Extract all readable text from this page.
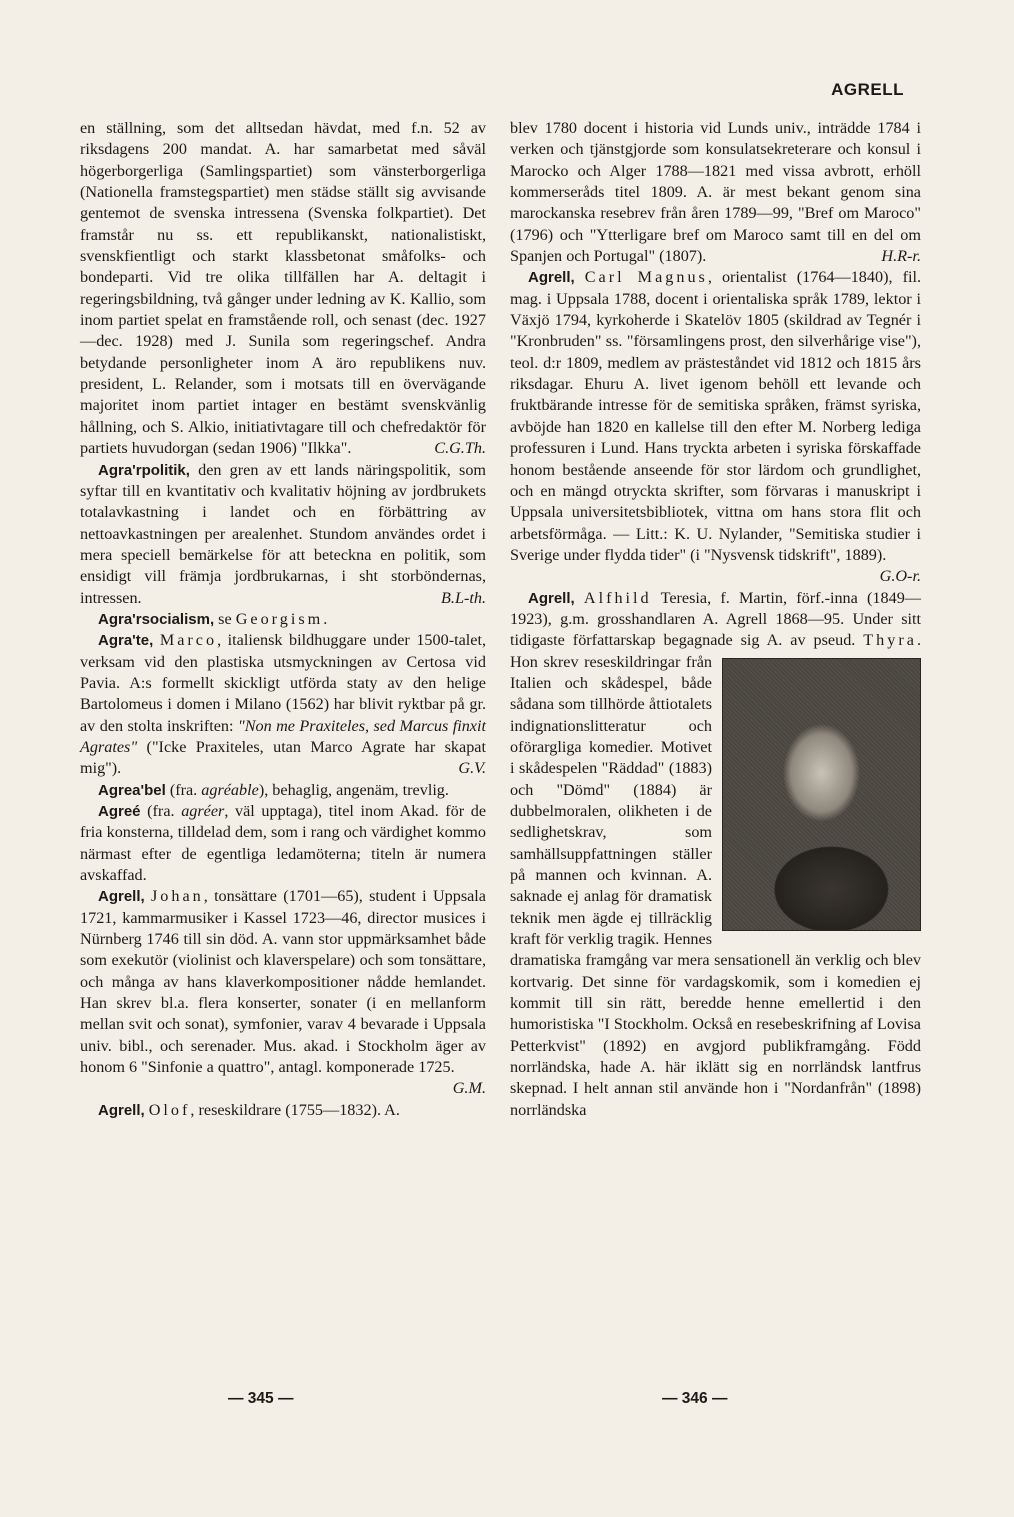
AGRELL

en ställning, som det alltsedan hävdat, med f.n. 52 av riksdagens 200 mandat. A. har samarbetat med såväl högerborgerliga (Samlingspartiet) som vänsterborgerliga (Nationella framstegspartiet) men städse ställt sig avvisande gentemot de svenska intressena (Svenska folkpartiet). Det framstår nu ss. ett republikanskt, nationalistiskt, svenskfientligt och starkt klassbetonat småfolks- och bondeparti. Vid tre olika tillfällen har A. deltagit i regeringsbildning, två gånger under ledning av K. Kallio, som inom partiet spelat en framstående roll, och senast (dec. 1927—dec. 1928) med J. Sunila som regeringschef. Andra betydande personligheter inom A äro republikens nuv. president, L. Relander, som i motsats till en övervägande majoritet inom partiet intager en bestämt svenskvänlig hållning, och S. Alkio, initiativtagare till och chefredaktör för partiets huvudorgan (sedan 1906) "Ilkka".	C.G.Th.

Agra'rpolitik, den gren av ett lands näringspolitik, som syftar till en kvantitativ och kvalitativ höjning av jordbrukets totalavkastning i landet och en förbättring av nettoavkastningen per arealenhet. Stundom användes ordet i mera speciell bemärkelse för att beteckna en politik, som ensidigt vill främja jordbrukarnas, i sht storböndernas, intressen.	B.L-th.

Agra'rsocialism, se Georgism.

Agra'te, Marco, italiensk bildhuggare under 1500-talet, verksam vid den plastiska utsmyckningen av Certosa vid Pavia. A:s formellt skickligt utförda staty av den helige Bartolomeus i domen i Milano (1562) har blivit ryktbar på gr. av den stolta inskriften: "Non me Praxiteles, sed Marcus finxit Agrates" ("Icke Praxiteles, utan Marco Agrate har skapat mig").	G.V.

Agrea'bel (fra. agréable), behaglig, angenäm, trevlig.

Agreé (fra. agréer, väl upptaga), titel inom Akad. för de fria konsterna, tilldelad dem, som i rang och värdighet kommo närmast efter de egentliga ledamöterna; titeln är numera avskaffad.

Agrell, Johan, tonsättare (1701—65), student i Uppsala 1721, kammarmusiker i Kassel 1723—46, director musices i Nürnberg 1746 till sin död. A. vann stor uppmärksamhet både som exekutör (violinist och klaverspelare) och som tonsättare, och många av hans klaverkompositioner nådde hemlandet. Han skrev bl.a. flera konserter, sonater (i en mellanform mellan svit och sonat), symfonier, varav 4 bevarade i Uppsala univ. bibl., och serenader. Mus. akad. i Stockholm äger av honom 6 "Sinfonie a quattro", antagl. komponerade 1725.
G.M.

Agrell, Olof, reseskildrare (1755—1832). A.

blev 1780 docent i historia vid Lunds univ., inträdde 1784 i verken och tjänstgjorde som konsulatsekreterare och konsul i Marocko och Alger 1788—1821 med vissa avbrott, erhöll kommerseråds titel 1809. A. är mest bekant genom sina marockanska resebrev från åren 1789—99, "Bref om Maroco" (1796) och "Ytterligare bref om Maroco samt till en del om Spanjen och Portugal" (1807).	H.R-r.

Agrell, Carl Magnus, orientalist (1764—1840), fil. mag. i Uppsala 1788, docent i orientaliska språk 1789, lektor i Växjö 1794, kyrkoherde i Skatelöv 1805 (skildrad av Tegnér i "Kronbruden" ss. "församlingens prost, den silverhårige vise"), teol. d:r 1809, medlem av prästeståndet vid 1812 och 1815 års riksdagar. Ehuru A. livet igenom behöll ett levande och fruktbärande intresse för de semitiska språken, främst syriska, avböjde han 1820 en kallelse till den efter M. Norberg lediga professuren i Lund. Hans tryckta arbeten i syriska förskaffade honom bestående anseende för stor lärdom och grundlighet, och en mängd otryckta skrifter, som förvaras i manuskript i Uppsala universitetsbibliotek, vittna om hans stora flit och arbetsförmåga. — Litt.: K. U. Nylander, "Semitiska studier i Sverige under flydda tider" (i "Nysvensk tidskrift", 1889).
G.O-r.

Agrell, Alfhild Teresia, f. Martin, förf.-inna (1849—1923), g.m. grosshandlaren A. Agrell 1868—95. Under sitt tidigaste författarskap begagnade sig A. av pseud. Thyra
. Hon skrev reseskildringar från Italien och skådespel, både sådana som tillhörde åttiotalets indignationslitteratur och oförargliga komedier. Motivet i skådespelen "Räddad" (1883) och "Dömd" (1884) är dubbelmoralen, olikheten i de sedlighetskrav, som samhällsuppfattningen ställer på mannen och kvinnan. A. saknade ej anlag för dramatisk teknik men ägde ej tillräcklig kraft för verklig tragik. Hennes dramatiska framgång var mera sensationell än verklig och blev kortvarig. Det sinne för vardagskomik, som i komedien ej kommit till sin rätt, beredde henne emellertid i den humoristiska "I Stockholm. Också en resebeskrifning af Lovisa Petterkvist" (1892) en avgjord publikframgång. Född norrländska, hade A. här iklätt sig en norrländsk lantfrus skepnad. I helt annan stil använde hon i "Nordanfrån" (1898) norrländska

— 345 —	— 346 —
